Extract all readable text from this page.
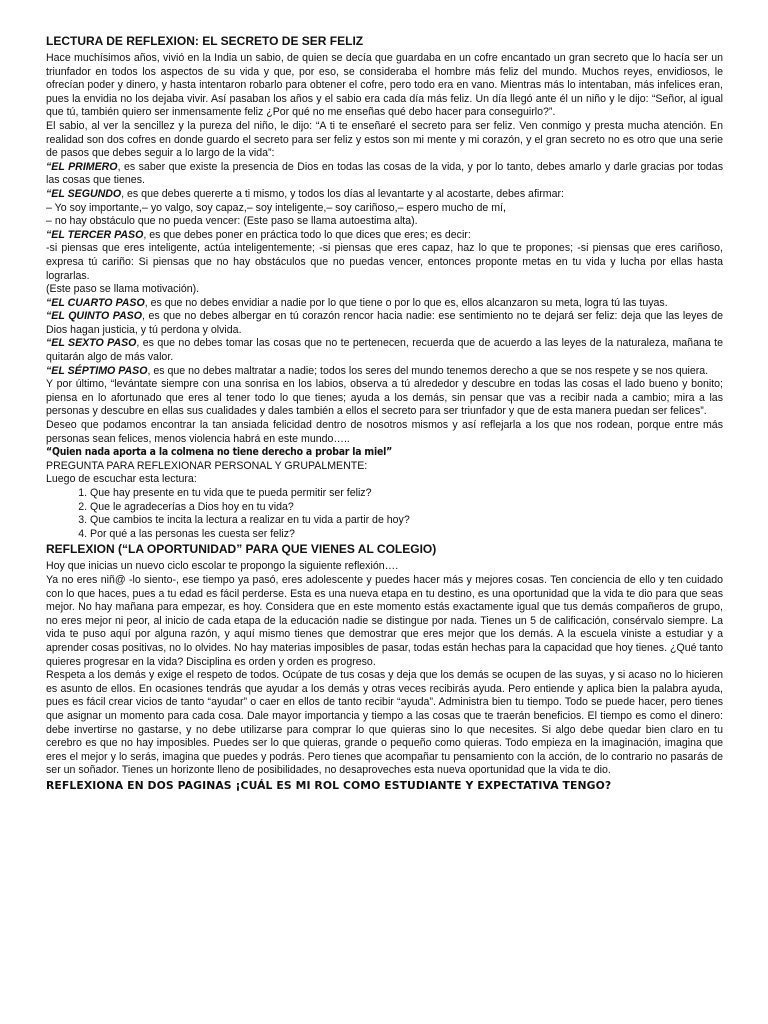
LECTURA DE REFLEXION: EL SECRETO DE SER FELIZ

Hace muchísimos años, vivió en la India un sabio, de quien se decía que guardaba en un cofre encantado un gran secreto que lo hacía ser un triunfador en todos los aspectos de su vida y que, por eso, se consideraba el hombre más feliz del mundo. Muchos reyes, envidiosos, le ofrecían poder y dinero, y hasta intentaron robarlo para obtener el cofre, pero todo era en vano. Mientras más lo intentaban, más infelices eran, pues la envidia no los dejaba vivir. Así pasaban los años y el sabio era cada día más feliz. Un día llegó ante él un niño y le dijo: “Señor, al igual que tú, también quiero ser inmensamente feliz ¿Por qué no me enseñas qué debo hacer para conseguirlo?”.

El sabio, al ver la sencillez y la pureza del niño, le dijo: “A ti te enseñaré el secreto para ser feliz. Ven conmigo y presta mucha atención. En realidad son dos cofres en donde guardo el secreto para ser feliz y estos son mi mente y mi corazón, y el gran secreto no es otro que una serie de pasos que debes seguir a lo largo de la vida”:

“EL PRIMERO, es saber que existe la presencia de Dios en todas las cosas de la vida, y por lo tanto, debes amarlo y darle gracias por todas las cosas que tienes.

“EL SEGUNDO, es que debes quererte a ti mismo, y todos los días al levantarte y al acostarte, debes afirmar:

– Yo soy importante,– yo valgo, soy capaz,– soy inteligente,– soy cariñoso,– espero mucho de mí,
– no hay obstáculo que no pueda vencer: (Este paso se llama autoestima alta).

“EL TERCER PASO, es que debes poner en práctica todo lo que dices que eres; es decir:

-si piensas que eres inteligente, actúa inteligentemente; -si piensas que eres capaz, haz lo que te propones; -si piensas que eres cariñoso, expresa tú cariño: Si piensas que no hay obstáculos que no puedas vencer, entonces proponte metas en tu vida y lucha por ellas hasta lograrlas.

(Este paso se llama motivación).

“EL CUARTO PASO, es que no debes envidiar a nadie por lo que tiene o por lo que es, ellos alcanzaron su meta, logra tú las tuyas.

“EL QUINTO PASO, es que no debes albergar en tú corazón rencor hacia nadie: ese sentimiento no te dejará ser feliz: deja que las leyes de Dios hagan justicia, y tú perdona y olvida.

“EL SEXTO PASO, es que no debes tomar las cosas que no te pertenecen, recuerda que de acuerdo a las leyes de la naturaleza, mañana te quitarán algo de más valor.

“EL SÉPTIMO PASO, es que no debes maltratar a nadie; todos los seres del mundo tenemos derecho a que se nos respete y se nos quiera.

Y por último, “levántate siempre con una sonrisa en los labios, observa a tú alrededor y descubre en todas las cosas el lado bueno y bonito; piensa en lo afortunado que eres al tener todo lo que tienes; ayuda a los demás, sin pensar que vas a recibir nada a cambio; mira a las personas y descubre en ellas sus cualidades y dales también a ellos el secreto para ser triunfador y que de esta manera puedan ser felices”.

Deseo que podamos encontrar la tan ansiada felicidad dentro de nosotros mismos y así reflejarla a los que nos rodean, porque entre más personas sean felices, menos violencia habrá en este mundo…..

“Quien nada aporta a la colmena no tiene derecho a probar la miel”
PREGUNTA PARA REFLEXIONAR PERSONAL Y GRUPALMENTE:
Luego de escuchar esta lectura:
1. Que hay presente en tu vida que te pueda permitir ser feliz?
2. Que le agradecerías a Dios hoy en tu vida?
3. Que cambios te incita la lectura a realizar en tu vida a partir de hoy?
4. Por qué a las personas les cuesta ser feliz?
REFLEXION (“LA OPORTUNIDAD” PARA QUE VIENES AL COLEGIO)
Hoy que inicias un nuevo ciclo escolar te propongo la siguiente reflexión….

Ya no eres niñ@ -lo siento-, ese tiempo ya pasó, eres adolescente y puedes hacer más y mejores cosas. Ten conciencia de ello y ten cuidado con lo que haces, pues a tu edad es fácil perderse. Esta es una nueva etapa en tu destino, es una oportunidad que la vida te dio para que seas mejor. No hay mañana para empezar, es hoy. Considera que en este momento estás exactamente igual que tus demás compañeros de grupo, no eres mejor ni peor, al inicio de cada etapa de la educación nadie se distingue por nada. Tienes un 5 de calificación, consérvalo siempre. La vida te puso aquí por alguna razón, y aquí mismo tienes que demostrar que eres mejor que los demás. A la escuela viniste a estudiar y a aprender cosas positivas, no lo olvides. No hay materias imposibles de pasar, todas están hechas para la capacidad que hoy tienes. ¿Qué tanto quieres progresar en la vida? Disciplina es orden y orden es progreso.

Respeta a los demás y exige el respeto de todos. Ocúpate de tus cosas y deja que los demás se ocupen de las suyas, y si acaso no lo hicieren es asunto de ellos. En ocasiones tendrás que ayudar a los demás y otras veces recibirás ayuda. Pero entiende y aplica bien la palabra ayuda, pues es fácil crear vicios de tanto “ayudar” o caer en ellos de tanto recibir “ayuda”. Administra bien tu tiempo. Todo se puede hacer, pero tienes que asignar un momento para cada cosa. Dale mayor importancia y tiempo a las cosas que te traerán beneficios. El tiempo es como el dinero: debe invertirse no gastarse, y no debe utilizarse para comprar lo que quieras sino lo que necesites. Si algo debe quedar bien claro en tu cerebro es que no hay imposibles. Puedes ser lo que quieras, grande o pequeño como quieras. Todo empieza en la imaginación, imagina que eres el mejor y lo serás, imagina que puedes y podrás. Pero tienes que acompañar tu pensamiento con la acción, de lo contrario no pasarás de ser un soñador. Tienes un horizonte lleno de posibilidades, no desaproveches esta nueva oportunidad que la vida te dio.

REFLEXIONA EN DOS PAGINAS ¡CUÁL ES MI ROL COMO ESTUDIANTE Y EXPECTATIVA TENGO?
